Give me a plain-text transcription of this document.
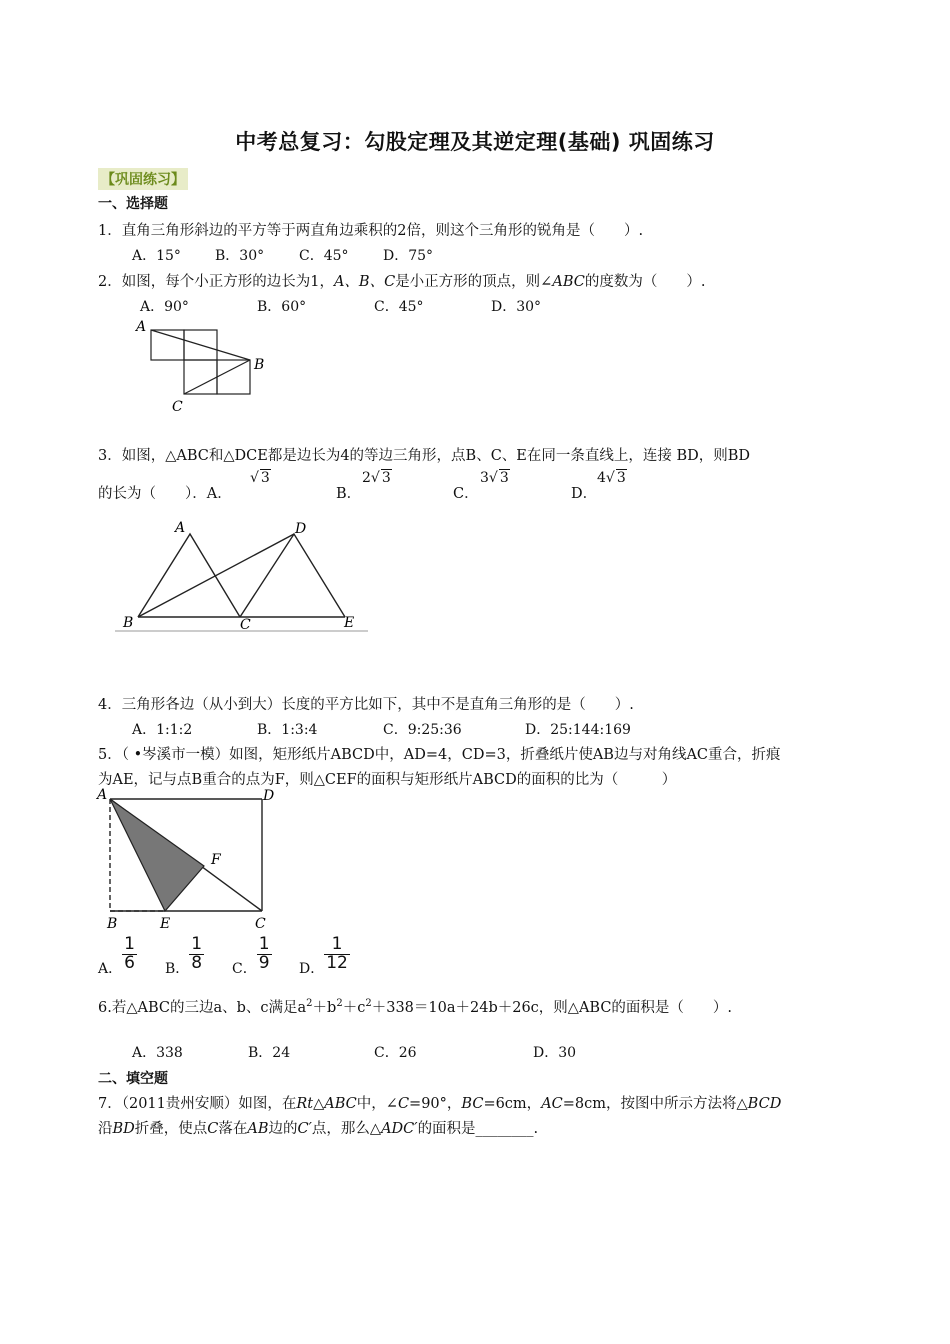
中考总复习：勾股定理及其逆定理(基础) 巩固练习
【巩固练习】
一、选择题
1．直角三角形斜边的平方等于两直角边乘积的2倍，则这个三角形的锐角是（　　）.
A．15° B．30° C．45° D．75°
2．如图，每个小正方形的边长为1，A、B、C是小正方形的顶点，则∠ABC的度数为（　　）.
A．90°	B．60°	C．45°	D．30°
A
B
C
3．如图，△ABC和△DCE都是边长为4的等边三角形，点B、C、E在同一条直线上，连接 BD，则BD
的长为（　　）．A．
√ 3
B．
2√ 3
C．
3√ 3
D．
4√ 3
A	D
B	C	E
4．三角形各边（从小到大）长度的平方比如下，其中不是直角三角形的是（　　）.
A．1:1:2	B．1:3:4	C．9:25:36	D．25:144:169
5．（ •岑溪市一模）如图，矩形纸片ABCD中，AD=4，CD=3，折叠纸片使AB边与对角线AC重合，折痕
为AE，记与点B重合的点为F，则△CEF的面积与矩形纸片ABCD的面积的比为（　　　）
A	D
F
B	E	C
A． $\frac{1}{6}$ B． $\frac{1}{8}$ C． $\frac{1}{9}$ D． $\frac{1}{12}$
6.若△ABC的三边a、b、c满足$a^2+b^2+c^2+338=10a+24b+26c$，则△ABC的面积是（　　）.
A．338	B．24	C．26	D．30
二、填空题
7．（2011贵州安顺）如图，在Rt△ABC中，∠C=90°，BC=6cm，AC=8cm，按图中所示方法将△BCD
沿BD折叠，使点C落在AB边的C′点，那么△ADC′的面积是________.
